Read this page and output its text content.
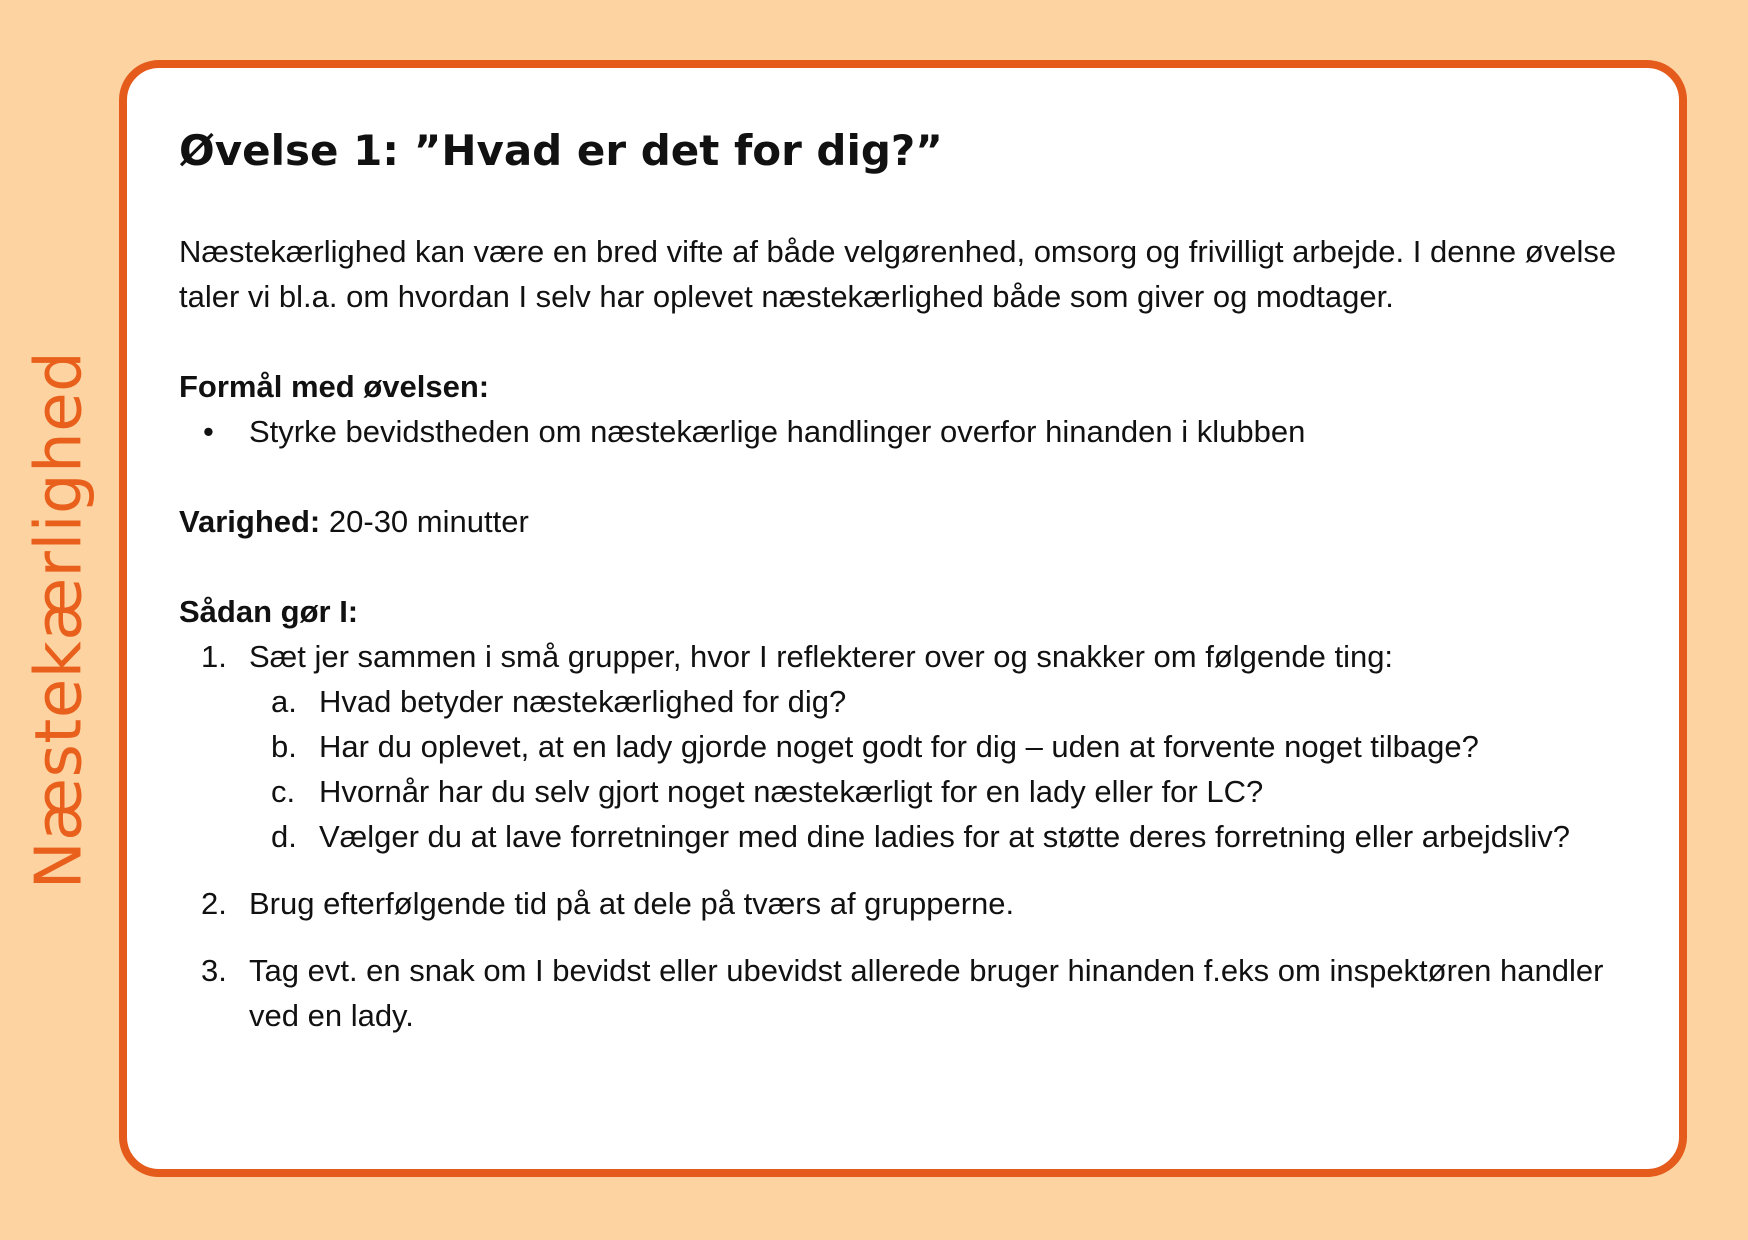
Næstekærlighed
Øvelse 1: ”Hvad er det for dig?”

Næstekærlighed kan være en bred vifte af både velgørenhed, omsorg og frivilligt arbejde. I denne øvelse taler vi bl.a. om hvordan I selv har oplevet næstekærlighed både som giver og modtager.

Formål med øvelsen:

• Styrke bevidstheden om næstekærlige handlinger overfor hinanden i klubben

Varighed: 20-30 minutter

Sådan gør I:

1. Sæt jer sammen i små grupper, hvor I reflekterer over og snakker om følgende ting:
a. Hvad betyder næstekærlighed for dig?
b. Har du oplevet, at en lady gjorde noget godt for dig – uden at forvente noget tilbage?
c. Hvornår har du selv gjort noget næstekærligt for en lady eller for LC?
d. Vælger du at lave forretninger med dine ladies for at støtte deres forretning eller arbejdsliv?
2. Brug efterfølgende tid på at dele på tværs af grupperne.
3. Tag evt. en snak om I bevidst eller ubevidst allerede bruger hinanden f.eks om inspektøren handler ved en lady.
